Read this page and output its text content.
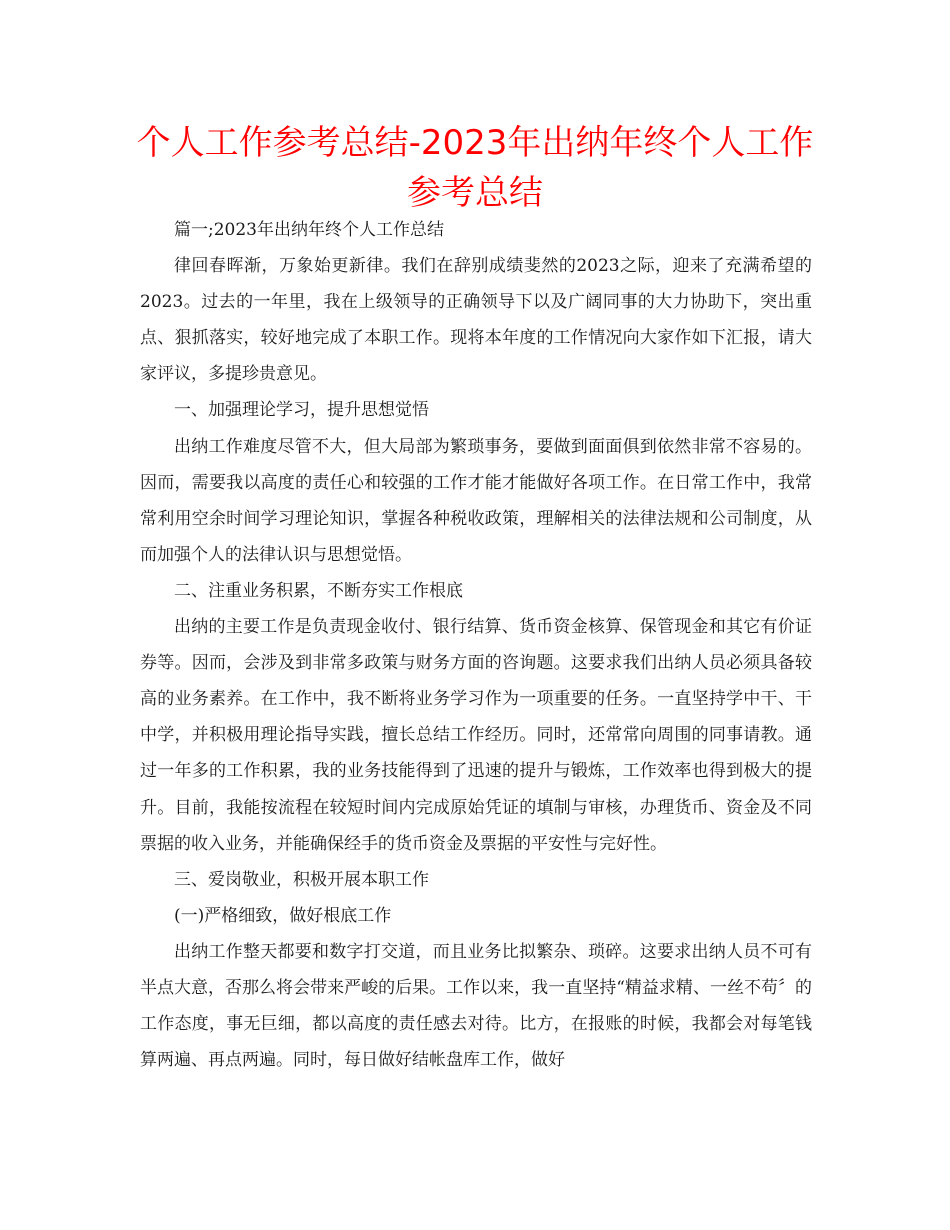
个人工作参考总结-2023年出纳年终个人工作参考总结

篇一;2023年出纳年终个人工作总结

律回春晖渐，万象始更新律。我们在辞别成绩斐然的2023之际，迎来了充满希望的2023。过去的一年里，我在上级领导的正确领导下以及广阔同事的大力协助下，突出重点、狠抓落实，较好地完成了本职工作。现将本年度的工作情况向大家作如下汇报，请大家评议，多提珍贵意见。

一、加强理论学习，提升思想觉悟

出纳工作难度尽管不大，但大局部为繁琐事务，要做到面面俱到依然非常不容易的。因而，需要我以高度的责任心和较强的工作才能才能做好各项工作。在日常工作中，我常常利用空余时间学习理论知识，掌握各种税收政策，理解相关的法律法规和公司制度，从而加强个人的法律认识与思想觉悟。

二、注重业务积累，不断夯实工作根底

出纳的主要工作是负责现金收付、银行结算、货币资金核算、保管现金和其它有价证券等。因而，会涉及到非常多政策与财务方面的咨询题。这要求我们出纳人员必须具备较高的业务素养。在工作中，我不断将业务学习作为一项重要的任务。一直坚持学中干、干中学，并积极用理论指导实践，擅长总结工作经历。同时，还常常向周围的同事请教。通过一年多的工作积累，我的业务技能得到了迅速的提升与锻炼，工作效率也得到极大的提升。目前，我能按流程在较短时间内完成原始凭证的填制与审核，办理货币、资金及不同票据的收入业务，并能确保经手的货币资金及票据的平安性与完好性。

三、爱岗敬业，积极开展本职工作

(一)严格细致，做好根底工作

出纳工作整天都要和数字打交道，而且业务比拟繁杂、琐碎。这要求出纳人员不可有半点大意，否那么将会带来严峻的后果。工作以来，我一直坚持“精益求精、一丝不苟〞的工作态度，事无巨细，都以高度的责任感去对待。比方，在报账的时候，我都会对每笔钱算两遍、再点两遍。同时，每日做好结帐盘库工作，做好
